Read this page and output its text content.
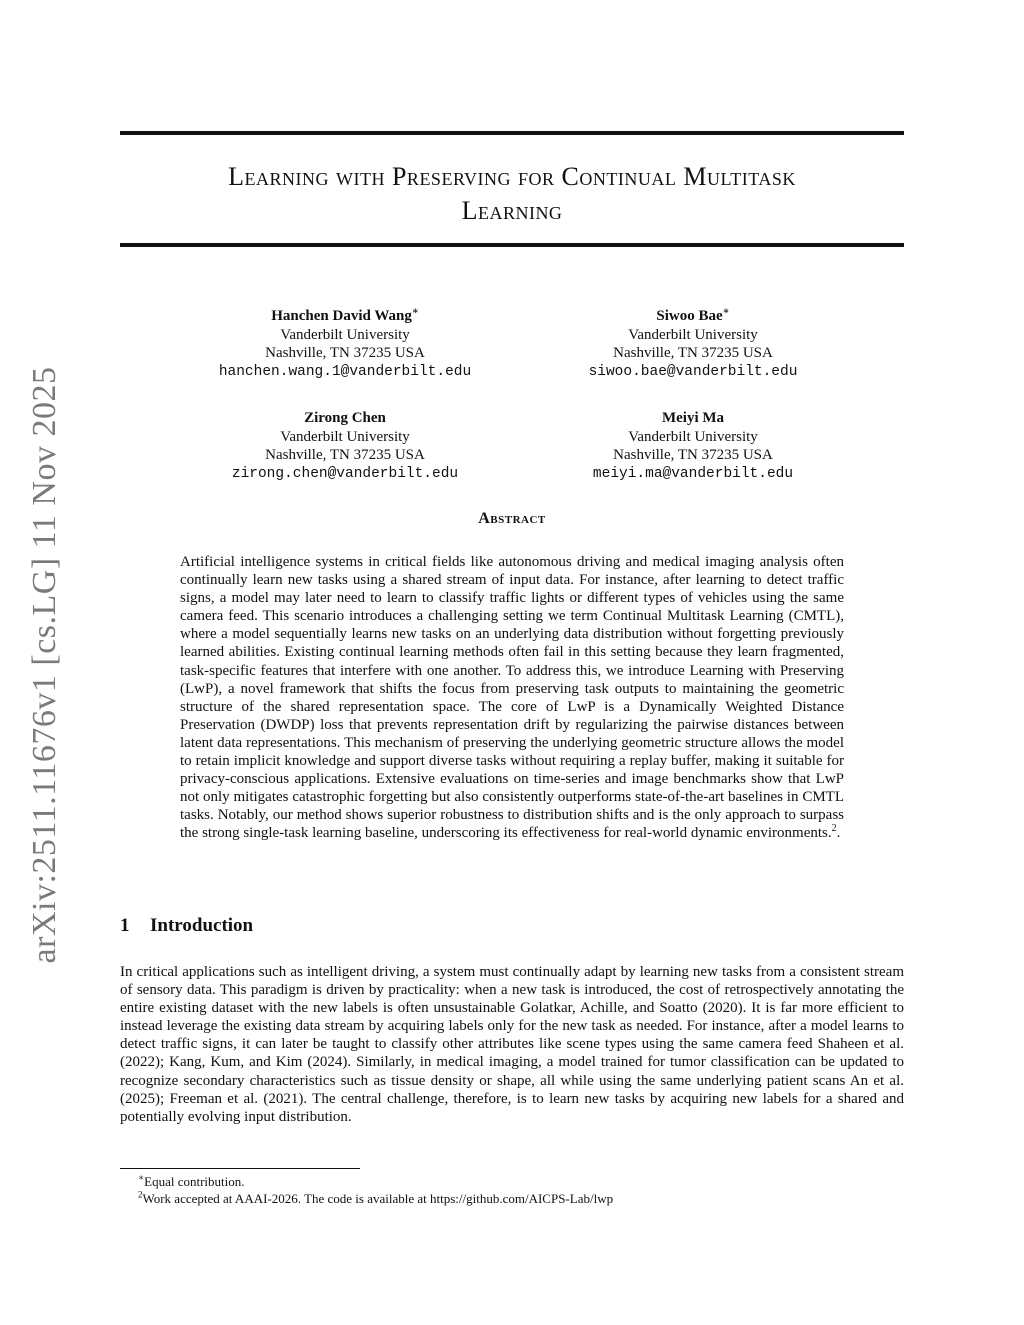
arXiv:2511.11676v1 [cs.LG] 11 Nov 2025
Learning with Preserving for Continual Multitask
Learning
Hanchen David Wang∗
Vanderbilt University
Nashville, TN 37235 USA
hanchen.wang.1@vanderbilt.edu
Siwoo Bae∗
Vanderbilt University
Nashville, TN 37235 USA
siwoo.bae@vanderbilt.edu
Zirong Chen
Vanderbilt University
Nashville, TN 37235 USA
zirong.chen@vanderbilt.edu
Meiyi Ma
Vanderbilt University
Nashville, TN 37235 USA
meiyi.ma@vanderbilt.edu
Abstract
Artificial intelligence systems in critical fields like autonomous driving and medical imaging analysis often continually learn new tasks using a shared stream of input data. For instance, after learning to detect traffic signs, a model may later need to learn to classify traffic lights or different types of vehicles using the same camera feed. This scenario introduces a challenging setting we term Continual Multitask Learning (CMTL), where a model sequentially learns new tasks on an underlying data distribution without forgetting previously learned abilities. Existing continual learning methods often fail in this setting because they learn fragmented, task-specific features that interfere with one another. To address this, we introduce Learning with Preserving (LwP), a novel framework that shifts the focus from preserving task outputs to maintaining the geometric structure of the shared representation space. The core of LwP is a Dynamically Weighted Distance Preservation (DWDP) loss that prevents representation drift by regularizing the pairwise distances between latent data representations. This mechanism of preserving the underlying geometric structure allows the model to retain implicit knowledge and support diverse tasks without requiring a replay buffer, making it suitable for privacy-conscious applications. Extensive evaluations on time-series and image benchmarks show that LwP not only mitigates catastrophic forgetting but also consistently outperforms state-of-the-art baselines in CMTL tasks. Notably, our method shows superior robustness to distribution shifts and is the only approach to surpass the strong single-task learning baseline, underscoring its effectiveness for real-world dynamic environments.$^2$.
1 Introduction
In critical applications such as intelligent driving, a system must continually adapt by learning new tasks from a consistent stream of sensory data. This paradigm is driven by practicality: when a new task is introduced, the cost of retrospectively annotating the entire existing dataset with the new labels is often unsustainable Golatkar, Achille, and Soatto (2020). It is far more efficient to instead leverage the existing data stream by acquiring labels only for the new task as needed. For instance, after a model learns to detect traffic signs, it can later be taught to classify other attributes like scene types using the same camera feed Shaheen et al. (2022); Kang, Kum, and Kim (2024). Similarly, in medical imaging, a model trained for tumor classification can be updated to recognize secondary characteristics such as tissue density or shape, all while using the same underlying patient scans An et al. (2025); Freeman et al. (2021). The central challenge, therefore, is to learn new tasks by acquiring new labels for a shared and potentially evolving input distribution.
∗Equal contribution.
$^2$Work accepted at AAAI-2026. The code is available at https://github.com/AICPS-Lab/lwp
